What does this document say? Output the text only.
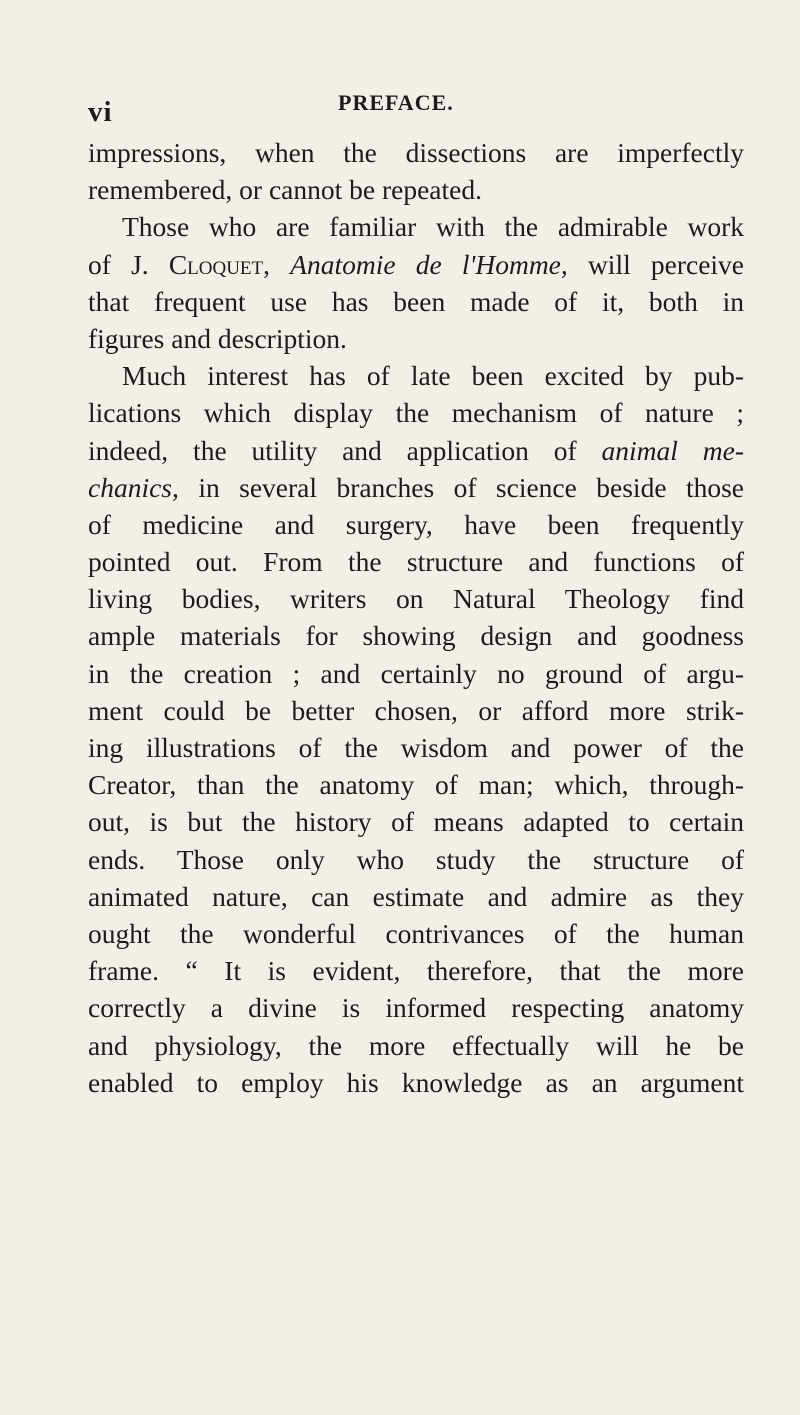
vi	PREFACE.
impressions, when the dissections are imperfectly
remembered, or cannot be repeated.
Those who are familiar with the admirable work
of J. Cloquet, Anatomie de l'Homme, will perceive
that frequent use has been made of it, both in
figures and description.
Much interest has of late been excited by pub-
lications which display the mechanism of nature ;
indeed, the utility and application of animal me-
chanics, in several branches of science beside those
of medicine and surgery, have been frequently
pointed out. From the structure and functions of
living bodies, writers on Natural Theology find
ample materials for showing design and goodness
in the creation ; and certainly no ground of argu-
ment could be better chosen, or afford more strik-
ing illustrations of the wisdom and power of the
Creator, than the anatomy of man; which, through-
out, is but the history of means adapted to certain
ends. Those only who study the structure of
animated nature, can estimate and admire as they
ought the wonderful contrivances of the human
frame. “ It is evident, therefore, that the more
correctly a divine is informed respecting anatomy
and physiology, the more effectually will he be
enabled to employ his knowledge as an argument
